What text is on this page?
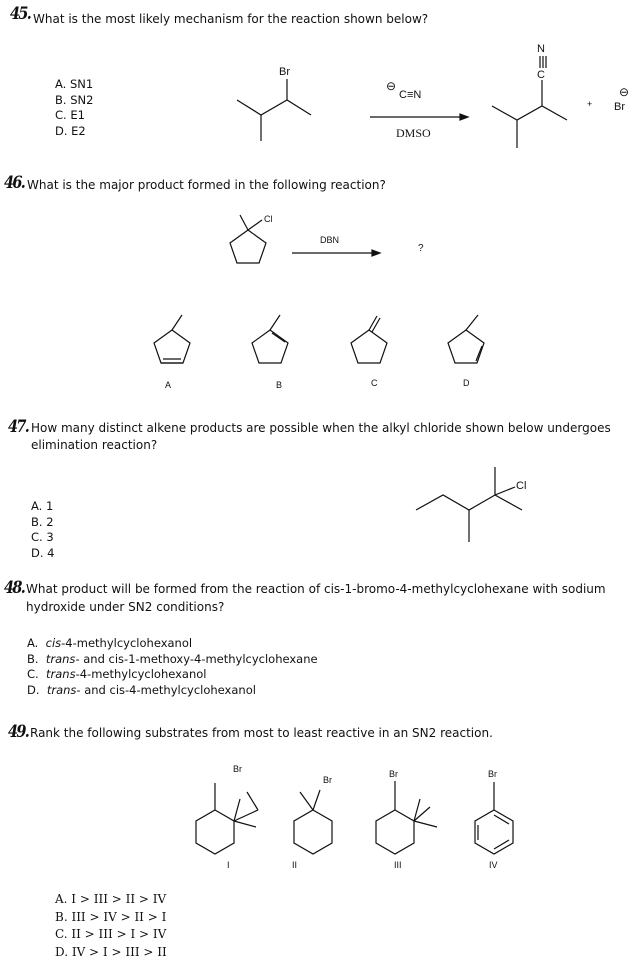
45. What is the most likely mechanism for the reaction shown below?
A. SN1
B. SN2
C. E1
D. E2
Br
⊖
C≡N
DMSO
N
C
+
⊖
Br
46. What is the major product formed in the following reaction?
Cl
DBN
?
A	B	C	D
47. How many distinct alkene products are possible when the alkyl chloride shown below undergoes
elimination reaction?
A. 1
B. 2
C. 3
D. 4
Cl
48. What product will be formed from the reaction of cis-1-bromo-4-methylcyclohexane with sodium
hydroxide under SN2 conditions?
A. cis-4-methylcyclohexanol
B. trans- and cis-1-methoxy-4-methylcyclohexane
C. trans-4-methylcyclohexanol
D. trans- and cis-4-methylcyclohexanol
49. Rank the following substrates from most to least reactive in an SN2 reaction.
Br
Br
Br	Br
I	II	III	IV
A. I > III > II > IV
B. III > IV > II > I
C. II > III > I > IV
D. IV > I > III > II
